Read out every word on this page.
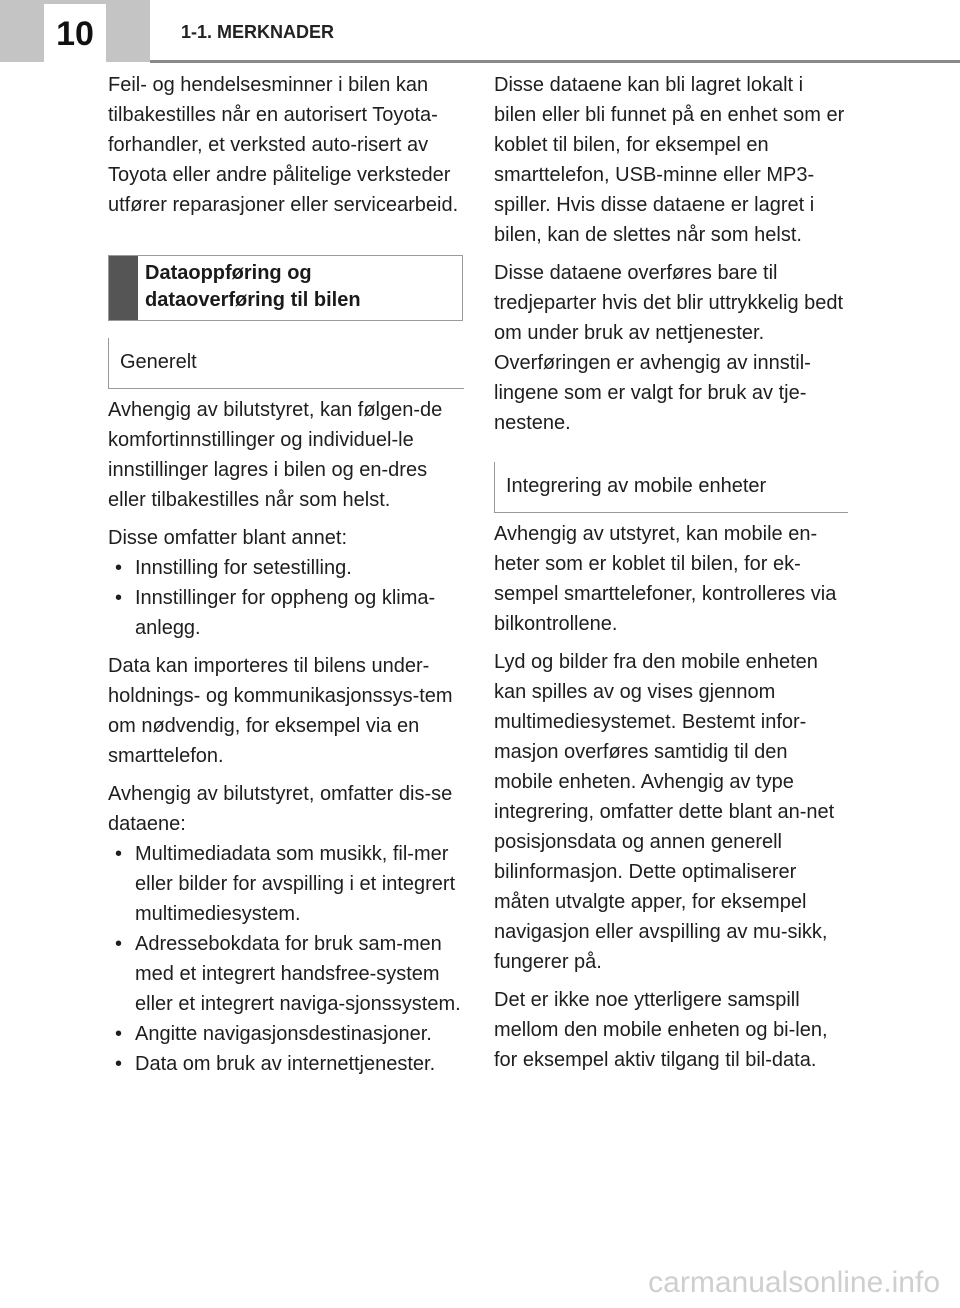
10	1-1. MERKNADER

Feil- og hendelsesminner i bilen kan tilbakestilles når en autorisert Toyota-forhandler, et verksted auto-risert av Toyota eller andre pålitelige verksteder utfører reparasjoner eller servicearbeid.

Dataoppføring og
dataoverføring til bilen
Generelt

Avhengig av bilutstyret, kan følgen-de komfortinnstillinger og individuel-le innstillinger lagres i bilen og en-dres eller tilbakestilles når som helst.

Disse omfatter blant annet:

• Innstilling for setestilling.
• Innstillinger for oppheng og klima-anlegg.

Data kan importeres til bilens under-holdnings- og kommunikasjonssys-tem om nødvendig, for eksempel via en smarttelefon.

Avhengig av bilutstyret, omfatter dis-se dataene:

• Multimediadata som musikk, fil-mer eller bilder for avspilling i et integrert multimediesystem.
• Adressebokdata for bruk sam-men med et integrert handsfree-system eller et integrert naviga-sjonssystem.
• Angitte navigasjonsdestinasjoner.
• Data om bruk av internettjenester.

Disse dataene kan bli lagret lokalt i bilen eller bli funnet på en enhet som er koblet til bilen, for eksempel en smarttelefon, USB-minne eller MP3-spiller. Hvis disse dataene er lagret i bilen, kan de slettes når som helst.

Disse dataene overføres bare til tredjeparter hvis det blir uttrykkelig bedt om under bruk av nettjenester. Overføringen er avhengig av innstil-lingene som er valgt for bruk av tje-nestene.

Integrering av mobile enheter

Avhengig av utstyret, kan mobile en-heter som er koblet til bilen, for ek-sempel smarttelefoner, kontrolleres via bilkontrollene.

Lyd og bilder fra den mobile enheten kan spilles av og vises gjennom multimediesystemet. Bestemt infor-masjon overføres samtidig til den mobile enheten. Avhengig av type integrering, omfatter dette blant an-net posisjonsdata og annen generell bilinformasjon. Dette optimaliserer måten utvalgte apper, for eksempel navigasjon eller avspilling av mu-sikk, fungerer på.

Det er ikke noe ytterligere samspill mellom den mobile enheten og bi-len, for eksempel aktiv tilgang til bil-data.

carmanualsonline.info
